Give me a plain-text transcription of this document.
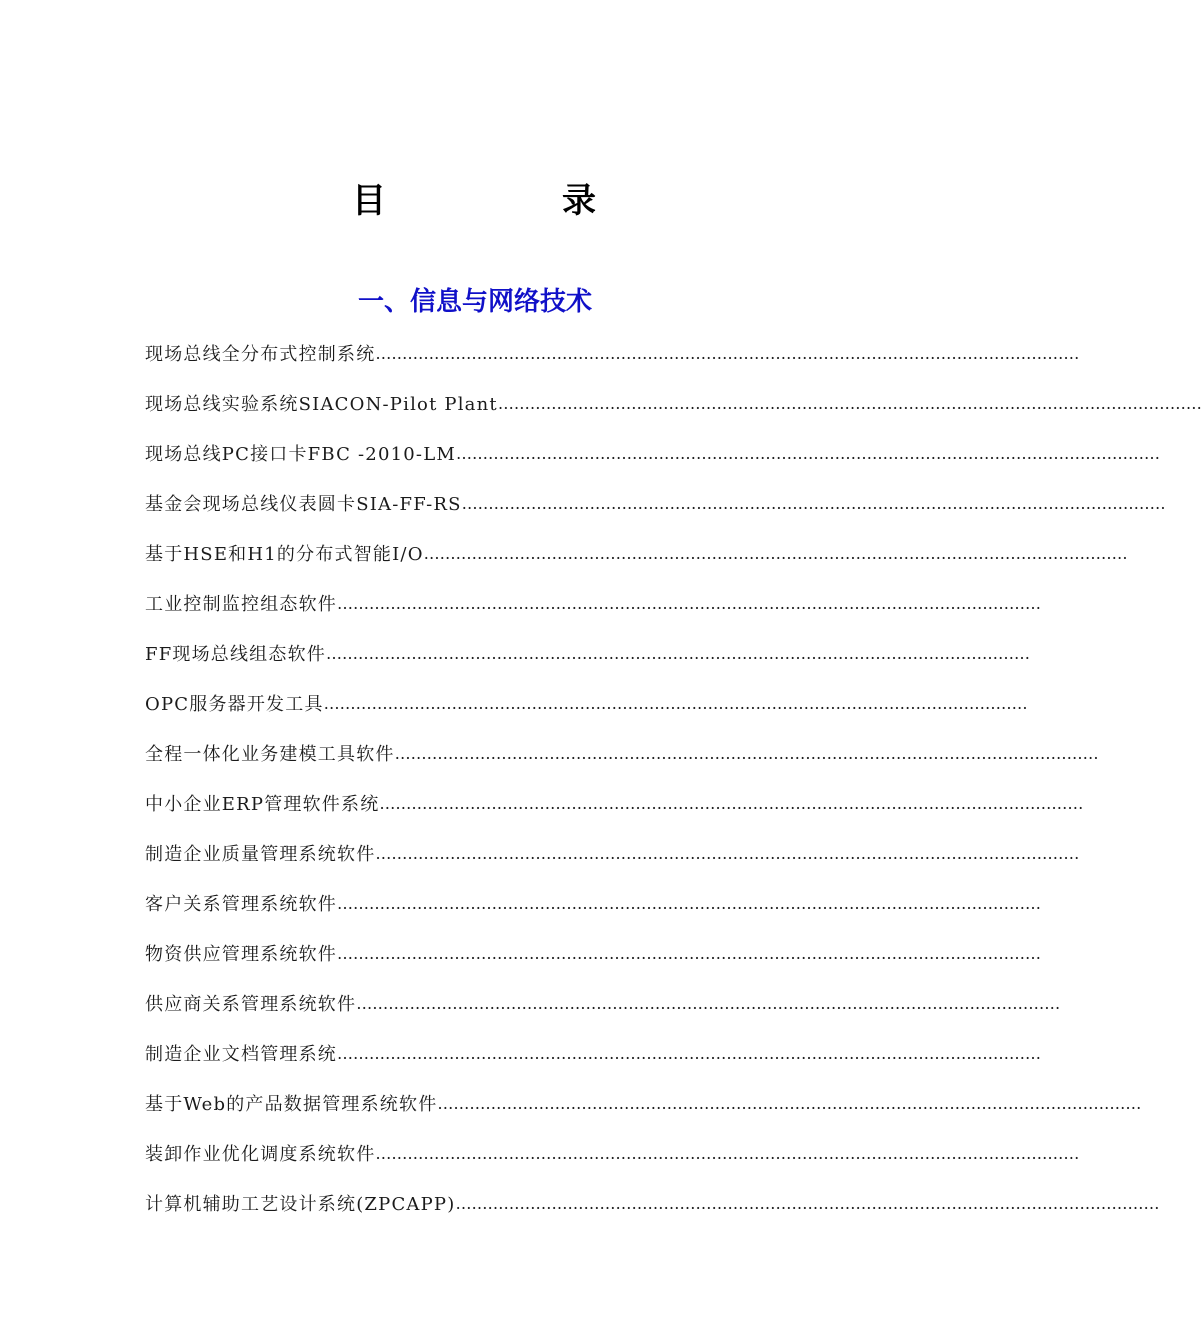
目	录
一、信息与网络技术
现场总线全分布式控制系统 ……………………………………………………………………………………………………………………
现场总线实验系统SIACON-Pilot Plant ……………………………………………………………………………………………………………………
现场总线PC接口卡FBC -2010-LM ……………………………………………………………………………………………………………………
基金会现场总线仪表圆卡SIA-FF-RS ……………………………………………………………………………………………………………………
基于HSE和H1的分布式智能I/O ……………………………………………………………………………………………………………………
工业控制监控组态软件 ……………………………………………………………………………………………………………………
FF现场总线组态软件 ……………………………………………………………………………………………………………………
OPC服务器开发工具 ……………………………………………………………………………………………………………………
全程一体化业务建模工具软件 ……………………………………………………………………………………………………………………
中小企业ERP管理软件系统 ……………………………………………………………………………………………………………………
制造企业质量管理系统软件 ……………………………………………………………………………………………………………………
客户关系管理系统软件 ……………………………………………………………………………………………………………………
物资供应管理系统软件 ……………………………………………………………………………………………………………………
供应商关系管理系统软件 ……………………………………………………………………………………………………………………
制造企业文档管理系统 ……………………………………………………………………………………………………………………
基于Web的产品数据管理系统软件 ……………………………………………………………………………………………………………………
装卸作业优化调度系统软件 ……………………………………………………………………………………………………………………
计算机辅助工艺设计系统(ZPCAPP) ……………………………………………………………………………………………………………………
